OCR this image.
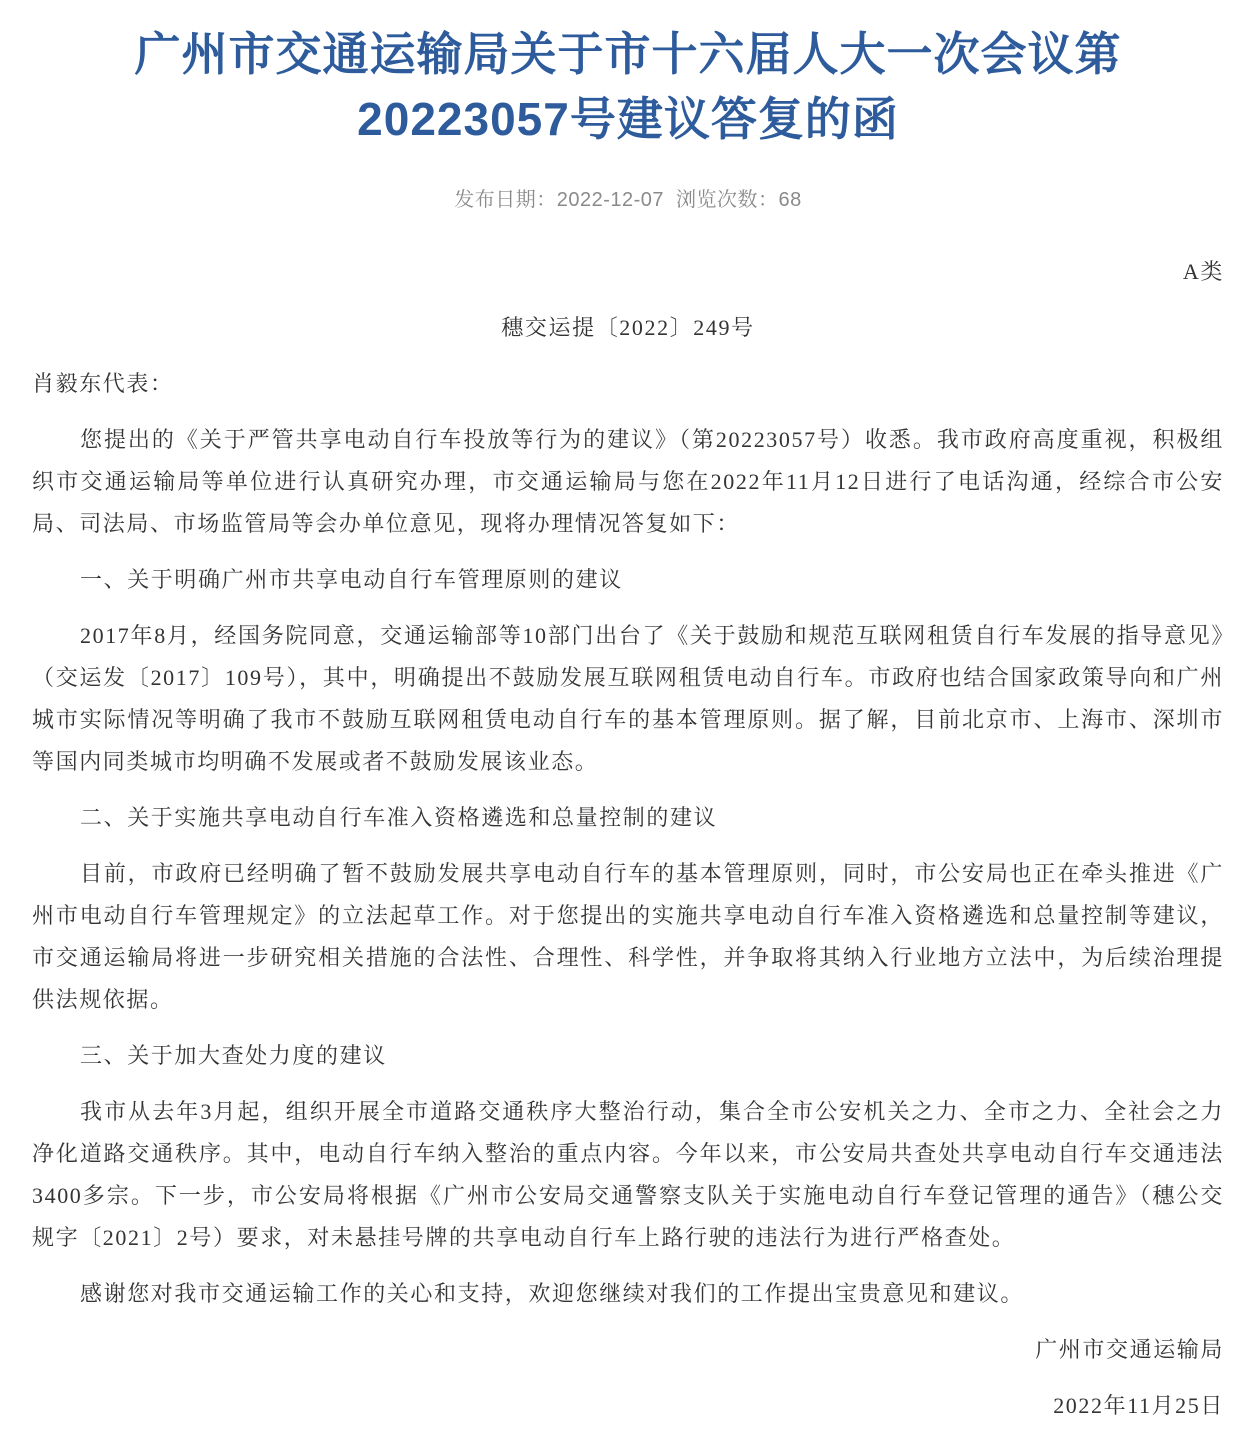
广州市交通运输局关于市十六届人大一次会议第20223057号建议答复的函
发布日期：2022-12-07 浏览次数：68
A类
穗交运提〔2022〕249号
肖毅东代表：

您提出的《关于严管共享电动自行车投放等行为的建议》（第20223057号）收悉。我市政府高度重视，积极组织市交通运输局等单位进行认真研究办理，市交通运输局与您在2022年11月12日进行了电话沟通，经综合市公安局、司法局、市场监管局等会办单位意见，现将办理情况答复如下：

一、关于明确广州市共享电动自行车管理原则的建议

2017年8月，经国务院同意，交通运输部等10部门出台了《关于鼓励和规范互联网租赁自行车发展的指导意见》（交运发〔2017〕109号），其中，明确提出不鼓励发展互联网租赁电动自行车。市政府也结合国家政策导向和广州城市实际情况等明确了我市不鼓励互联网租赁电动自行车的基本管理原则。据了解，目前北京市、上海市、深圳市等国内同类城市均明确不发展或者不鼓励发展该业态。

二、关于实施共享电动自行车准入资格遴选和总量控制的建议

目前，市政府已经明确了暂不鼓励发展共享电动自行车的基本管理原则，同时，市公安局也正在牵头推进《广州市电动自行车管理规定》的立法起草工作。对于您提出的实施共享电动自行车准入资格遴选和总量控制等建议，市交通运输局将进一步研究相关措施的合法性、合理性、科学性，并争取将其纳入行业地方立法中，为后续治理提供法规依据。

三、关于加大查处力度的建议

我市从去年3月起，组织开展全市道路交通秩序大整治行动，集合全市公安机关之力、全市之力、全社会之力净化道路交通秩序。其中，电动自行车纳入整治的重点内容。今年以来，市公安局共查处共享电动自行车交通违法3400多宗。下一步，市公安局将根据《广州市公安局交通警察支队关于实施电动自行车登记管理的通告》（穗公交规字〔2021〕2号）要求，对未悬挂号牌的共享电动自行车上路行驶的违法行为进行严格查处。

感谢您对我市交通运输工作的关心和支持，欢迎您继续对我们的工作提出宝贵意见和建议。

广州市交通运输局
2022年11月25日
